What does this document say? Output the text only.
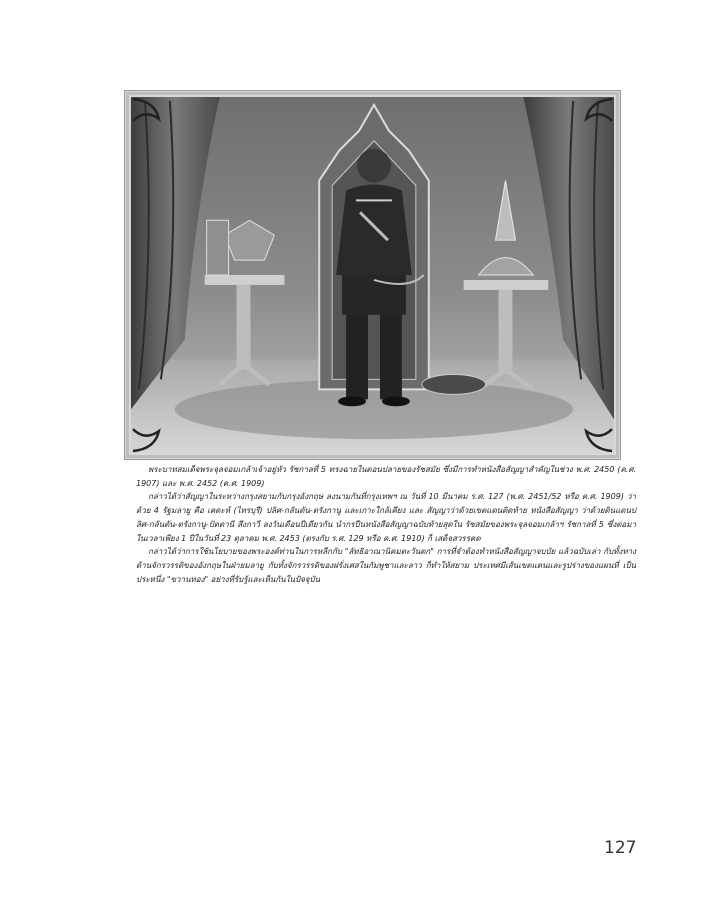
พระบาทสมเด็จพระจุลจอมเกล้าเจ้าอยู่หัว รัชกาลที่ 5 ทรงฉายในตอนปลายของรัชสมัย ซึ่งมีการทำหนังสือสัญญาสำคัญในช่วง พ.ศ. 2450 (ค.ศ. 1907) และ พ.ศ. 2452 (ค.ศ. 1909)

กล่าวได้ว่าสัญญาในระหว่างกรุงสยามกับกรุงอังกฤษ ลงนามกันที่กรุงเทพฯ ณ วันที่ 10 มีนาคม ร.ศ. 127 (พ.ศ. 2451/52 หรือ ค.ศ. 1909) ว่าด้วย 4 รัฐมลายู คือ เคดะห์ (ไทรบุรี) ปลิศ-กลันตัน-ตรังกานู และเกาะใกล้เคียง และ สัญญาว่าด้วยเขตแดนติดท้าย หนังสือสัญญา ว่าด้วยดินแดนปลิศ-กลันตัน-ตรังกานู-ปัตตานี สึงกาวี ลงวันเดือนปีเดียวกัน นำกรปืนหนังสือสัญญาฉบับท้ายสุดใน รัชสมัยของพระจุลจอมเกล้าฯ รัชกาลที่ 5 ซึ่งต่อมาในเวลาเพียง 1 ปีในวันที่ 23 ตุลาคม พ.ศ. 2453 (ตรงกับ ร.ศ. 129 หรือ ค.ศ. 1910) ก็ เสด็จสวรรคต

กล่าวได้ว่าการใช้นโยบายของพระองค์ท่านในการหลีกกับ "ลัทธิอาณานิคมตะวันตก" การที่จำต้องทำหนังสือสัญญาจบบัย แล้วฉบับเล่า กับทั้งทางด้านจักรวรรดิของอังกฤษในฝ่ายมลายู กับทั้งจักรวรรดิของฝรั่งเศสในกัมพูชาและลาว ก็ทำให้สยาม ประเทศมีเส้นเขตแดนและรูปร่างของแผนที่ เป็นประหนึ่ง "ขวานทอง" อย่างที่รับรู้และเห็นกันในปัจจุบัน

127
